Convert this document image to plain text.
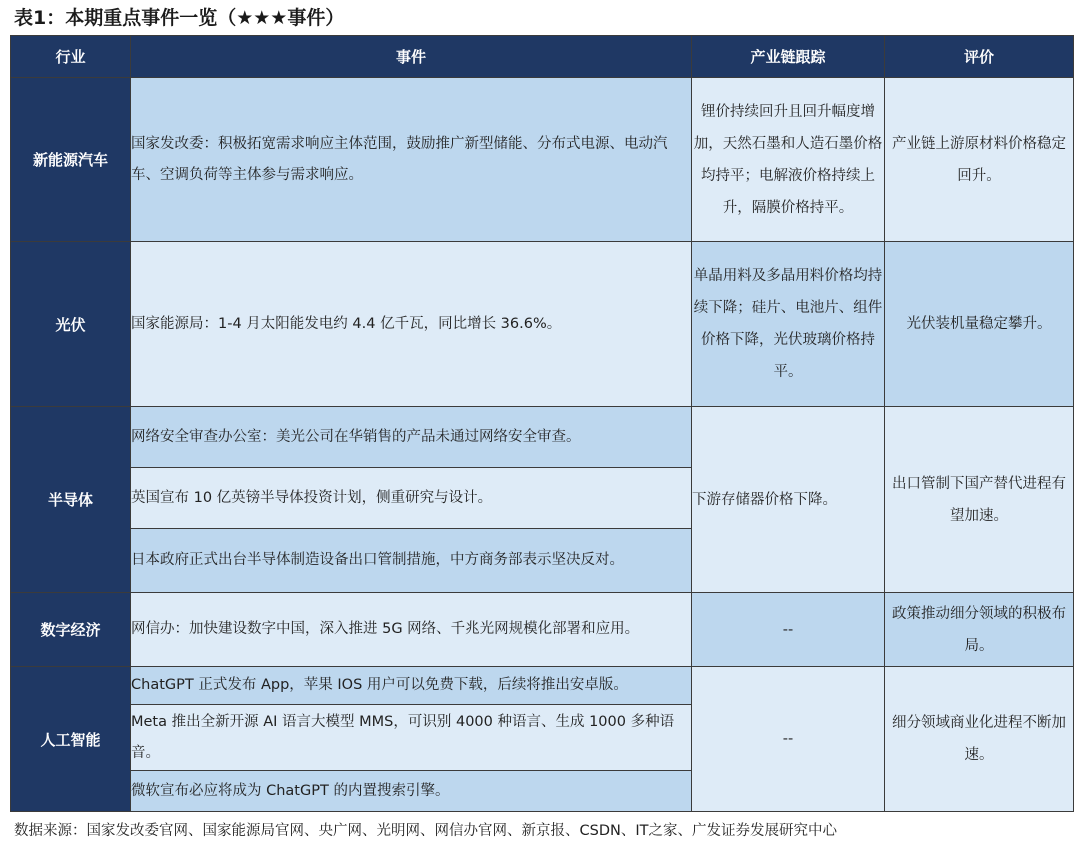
表1：本期重点事件一览（★★★事件）
行业	事件	产业链跟踪	评价
新能源汽车	国家发改委：积极拓宽需求响应主体范围，鼓励推广新型储能、分布式电源、电动汽车、空调负荷等主体参与需求响应。	锂价持续回升且回升幅度增加，天然石墨和人造石墨价格均持平；电解液价格持续上升，隔膜价格持平。	产业链上游原材料价格稳定回升。
光伏	国家能源局：1-4 月太阳能发电约 4.4 亿千瓦，同比增长 36.6%。	单晶用料及多晶用料价格均持续下降；硅片、电池片、组件价格下降，光伏玻璃价格持平。	光伏装机量稳定攀升。
半导体	网络安全审查办公室：美光公司在华销售的产品未通过网络安全审查。	下游存储器价格下降。	出口管制下国产替代进程有望加速。
	英国宣布 10 亿英镑半导体投资计划，侧重研究与设计。		
	日本政府正式出台半导体制造设备出口管制措施，中方商务部表示坚决反对。		
数字经济	网信办：加快建设数字中国，深入推进 5G 网络、千兆光网规模化部署和应用。	--	政策推动细分领域的积极布局。
人工智能	ChatGPT 正式发布 App，苹果 IOS 用户可以免费下载，后续将推出安卓版。	--	细分领域商业化进程不断加速。
	Meta 推出全新开源 AI 语言大模型 MMS，可识别 4000 种语言、生成 1000 多种语音。		
	微软宣布必应将成为 ChatGPT 的内置搜索引擎。		
数据来源：国家发改委官网、国家能源局官网、央广网、光明网、网信办官网、新京报、CSDN、IT之家、广发证券发展研究中心
